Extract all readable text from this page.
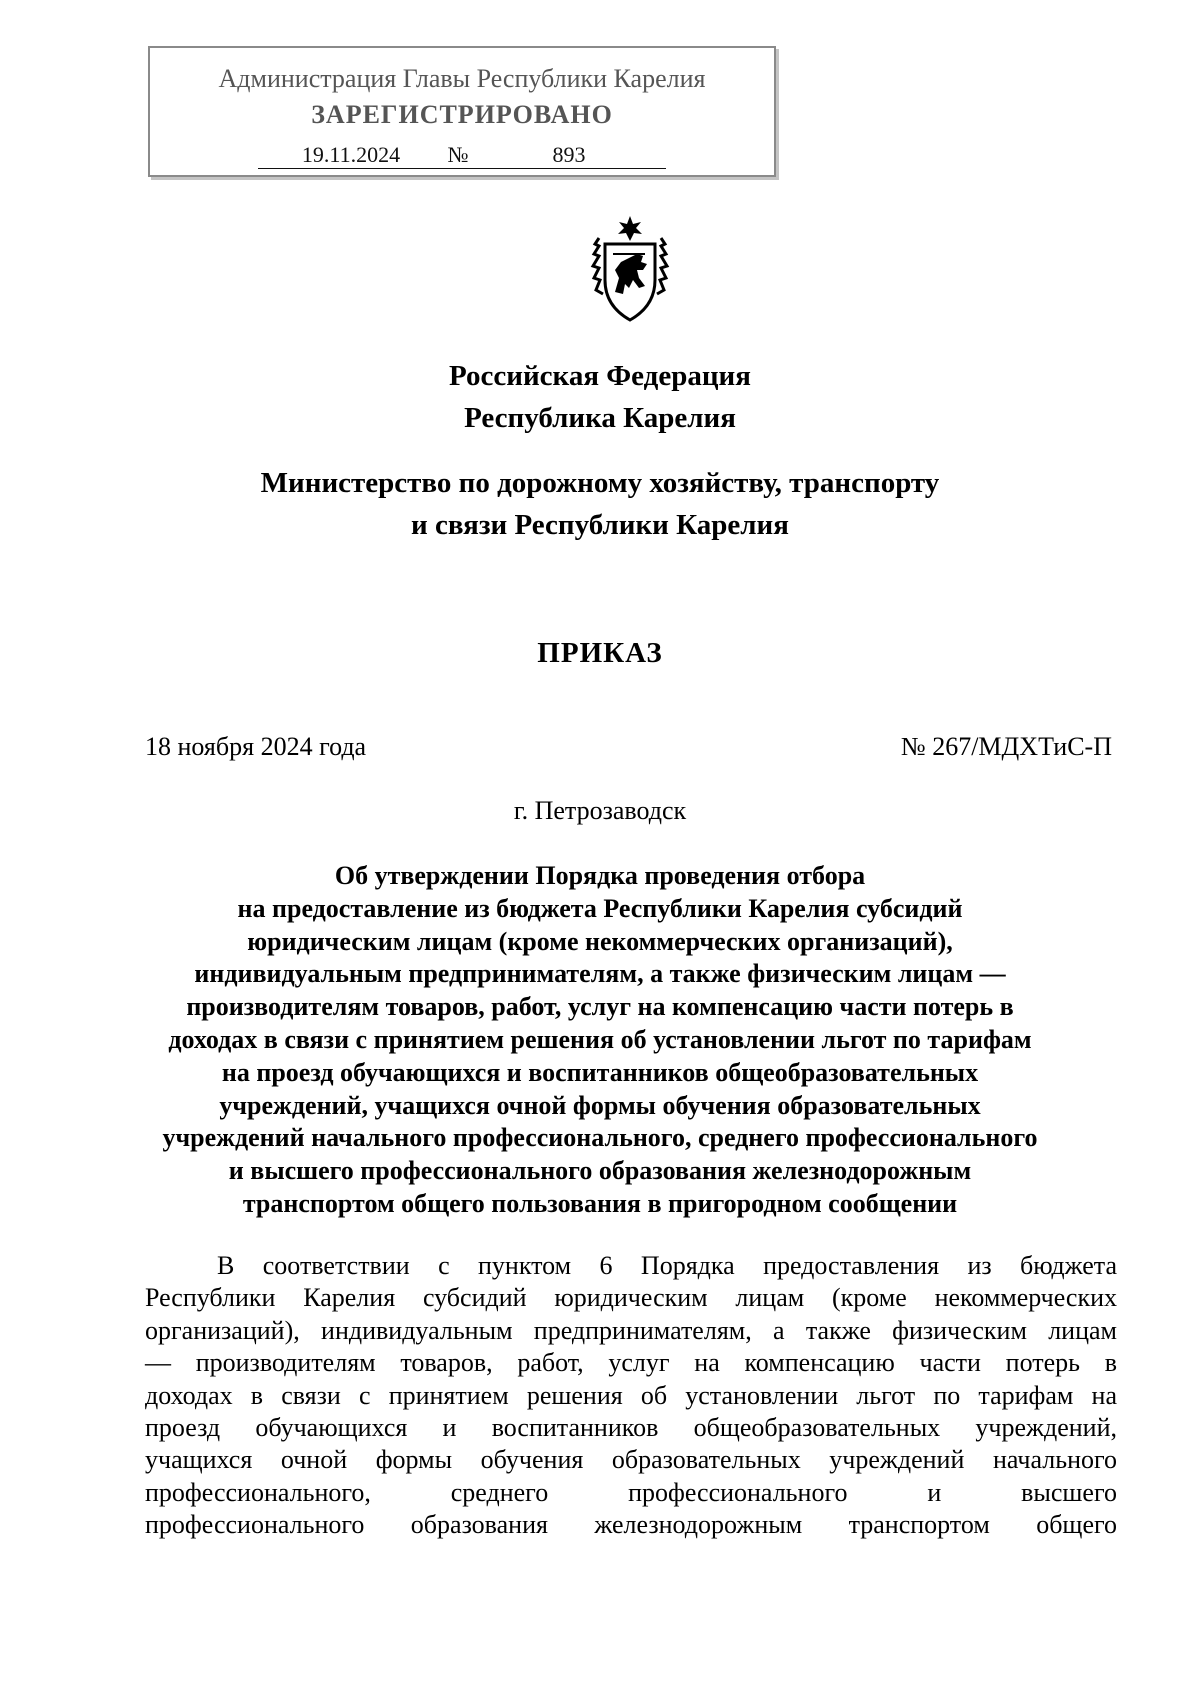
Администрация Главы Республики Карелия
ЗАРЕГИСТРИРОВАНО
19.11.2024 №	893
Российская Федерация
Республика Карелия
Министерство по дорожному хозяйству, транспорту
и связи Республики Карелия
ПРИКАЗ
18 ноября 2024 года	№ 267/МДХТиС-П
г. Петрозаводск
Об утверждении Порядка проведения отбора
на предоставление из бюджета Республики Карелия субсидий
юридическим лицам (кроме некоммерческих организаций),
индивидуальным предпринимателям, а также физическим лицам —
производителям товаров, работ, услуг на компенсацию части потерь в
доходах в связи с принятием решения об установлении льгот по тарифам
на проезд обучающихся и воспитанников общеобразовательных
учреждений, учащихся очной формы обучения образовательных
учреждений начального профессионального, среднего профессионального
и высшего профессионального образования железнодорожным
транспортом общего пользования в пригородном сообщении
В соответствии с пунктом 6 Порядка предоставления из бюджета
Республики Карелия субсидий юридическим лицам (кроме некоммерческих
организаций), индивидуальным предпринимателям, а также физическим лицам
— производителям товаров, работ, услуг на компенсацию части потерь в
доходах в связи с принятием решения об установлении льгот по тарифам на
проезд обучающихся и воспитанников общеобразовательных учреждений,
учащихся очной формы обучения образовательных учреждений начального
профессионального, среднего профессионального и высшего
профессионального образования железнодорожным транспортом общего
